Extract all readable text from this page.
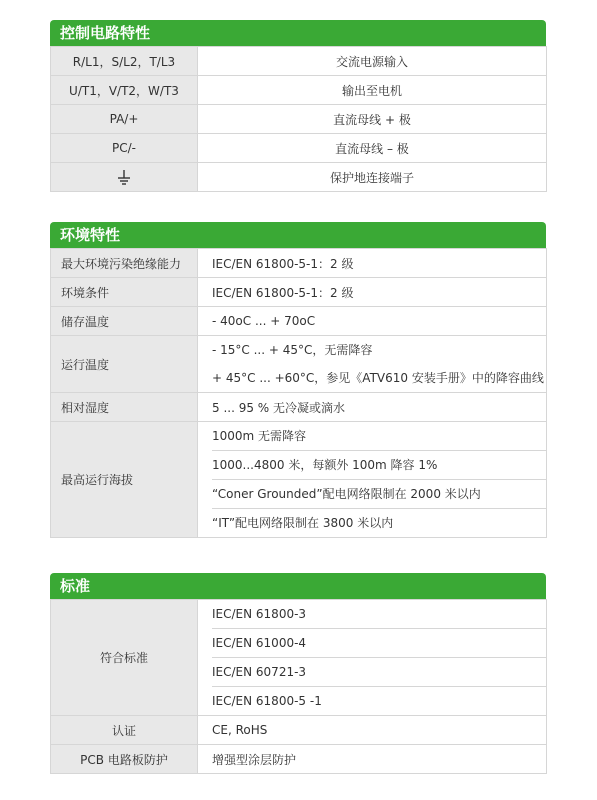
控制电路特性
R/L1，S/L2，T/L3	交流电源输入
U/T1，V/T2，W/T3	输出至电机
PA/+	直流母线 + 极
PC/-	直流母线 – 极
	保护地连接端子
环境特性
最大环境污染绝缘能力	IEC/EN 61800-5-1：2 级
环境条件	IEC/EN 61800-5-1：2 级
储存温度	- 40oC ... + 70oC
运行温度	- 15°C ... + 45°C，无需降容
+ 45°C ... +60°C，参见《ATV610 安装手册》中的降容曲线

相对湿度	5 ... 95 % 无冷凝或滴水
最高运行海拔	1000m 无需降容
1000...4800 米，每额外 100m 降容 1%
“Coner Grounded”配电网络限制在 2000 米以内
“IT”配电网络限制在 3800 米以内
标准
符合标准	IEC/EN 61800-3
IEC/EN 61000-4
IEC/EN 60721-3
IEC/EN 61800-5 -1

认证	CE, RoHS
PCB 电路板防护	增强型涂层防护
